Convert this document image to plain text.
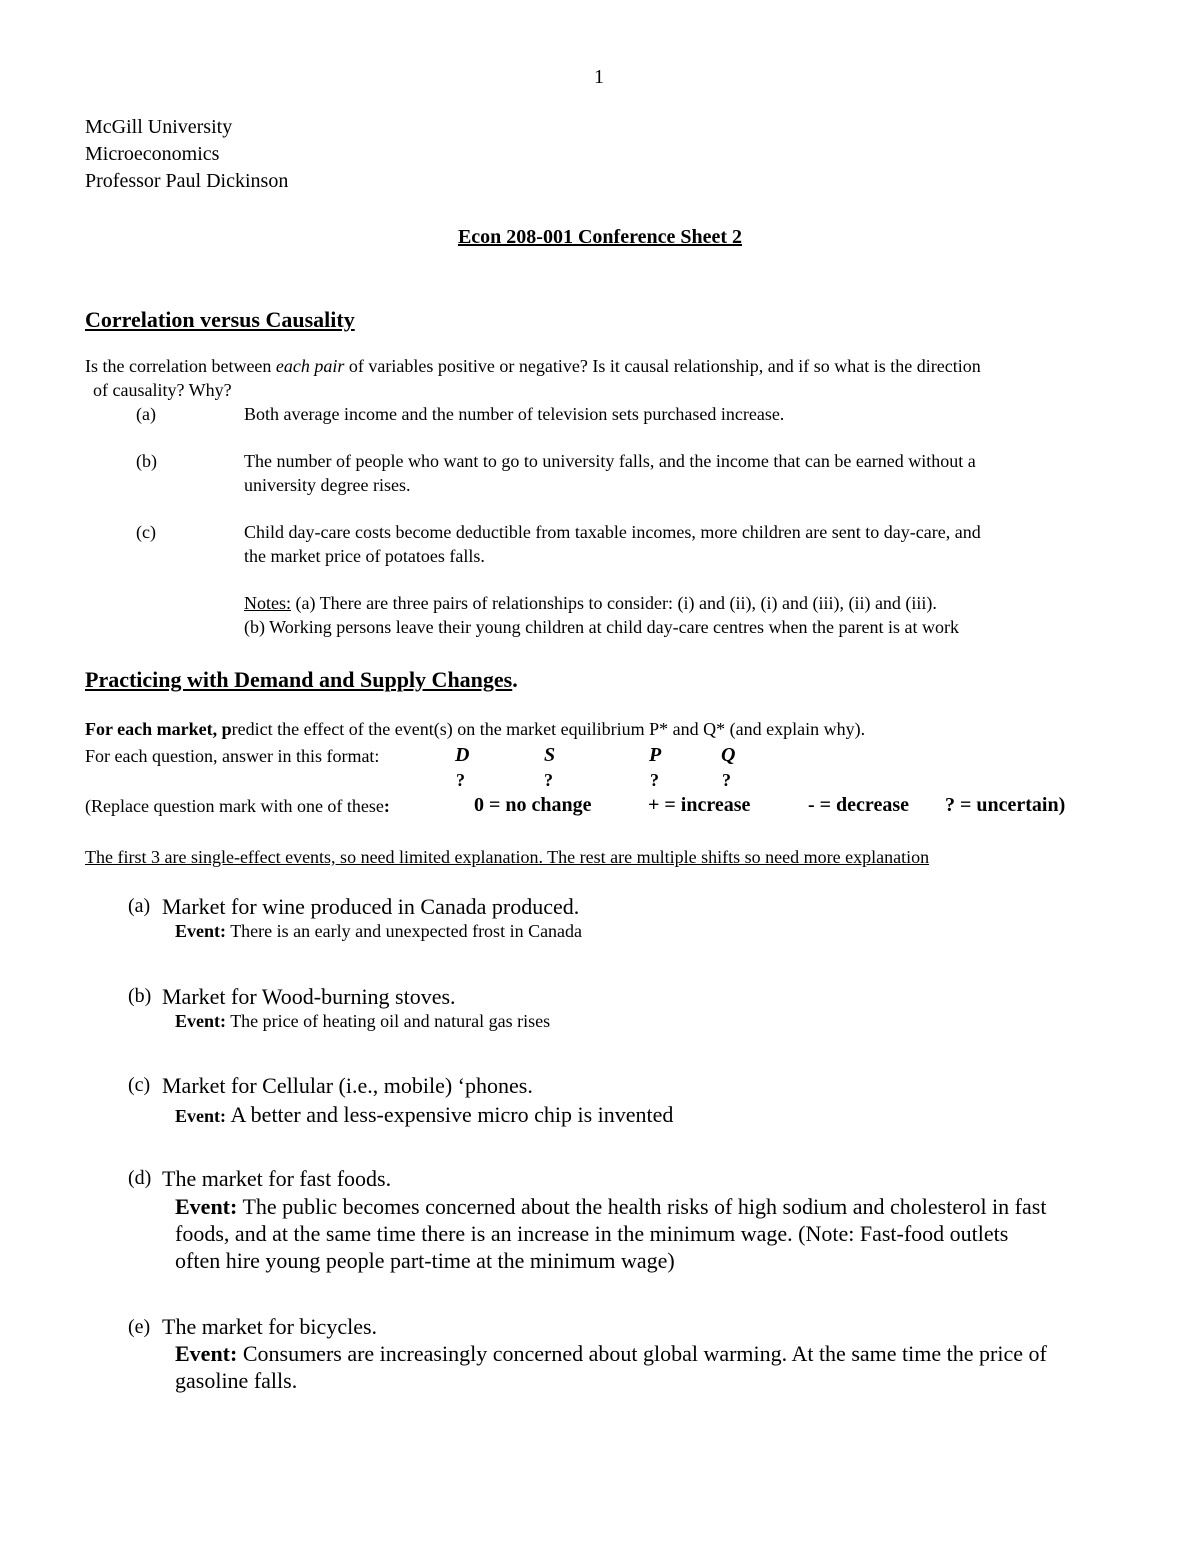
1
McGill University
Microeconomics
Professor Paul Dickinson
Econ 208-001 Conference Sheet 2
Correlation versus Causality
Is the correlation between each pair of variables positive or negative? Is it causal relationship, and if so what is the direction
of causality? Why?
(a)	Both average income and the number of television sets purchased increase.
(b)	The number of people who want to go to university falls, and the income that can be earned without a
university degree rises.
(c)	Child day-care costs become deductible from taxable incomes, more children are sent to day-care, and
the market price of potatoes falls.
Notes: (a) There are three pairs of relationships to consider: (i) and (ii), (i) and (iii), (ii) and (iii).
(b) Working persons leave their young children at child day-care centres when the parent is at work
Practicing with Demand and Supply Changes.
For each market, predict the effect of the event(s) on the market equilibrium P* and Q* (and explain why).
For each question, answer in this format:	D	S	P	Q
?	?	?	?
(Replace question mark with one of these:	0 = no change	+ = increase	- = decrease ? = uncertain)
The first 3 are single-effect events, so need limited explanation. The rest are multiple shifts so need more explanation
(a) Market for wine produced in Canada produced.
Event: There is an early and unexpected frost in Canada
(b) Market for Wood-burning stoves.
Event: The price of heating oil and natural gas rises
(c) Market for Cellular (i.e., mobile) ‘phones.
Event: A better and less-expensive micro chip is invented
(d) The market for fast foods.
Event: The public becomes concerned about the health risks of high sodium and cholesterol in fast
foods, and at the same time there is an increase in the minimum wage. (Note: Fast-food outlets
often hire young people part-time at the minimum wage)
(e) The market for bicycles.
Event: Consumers are increasingly concerned about global warming. At the same time the price of
gasoline falls.
